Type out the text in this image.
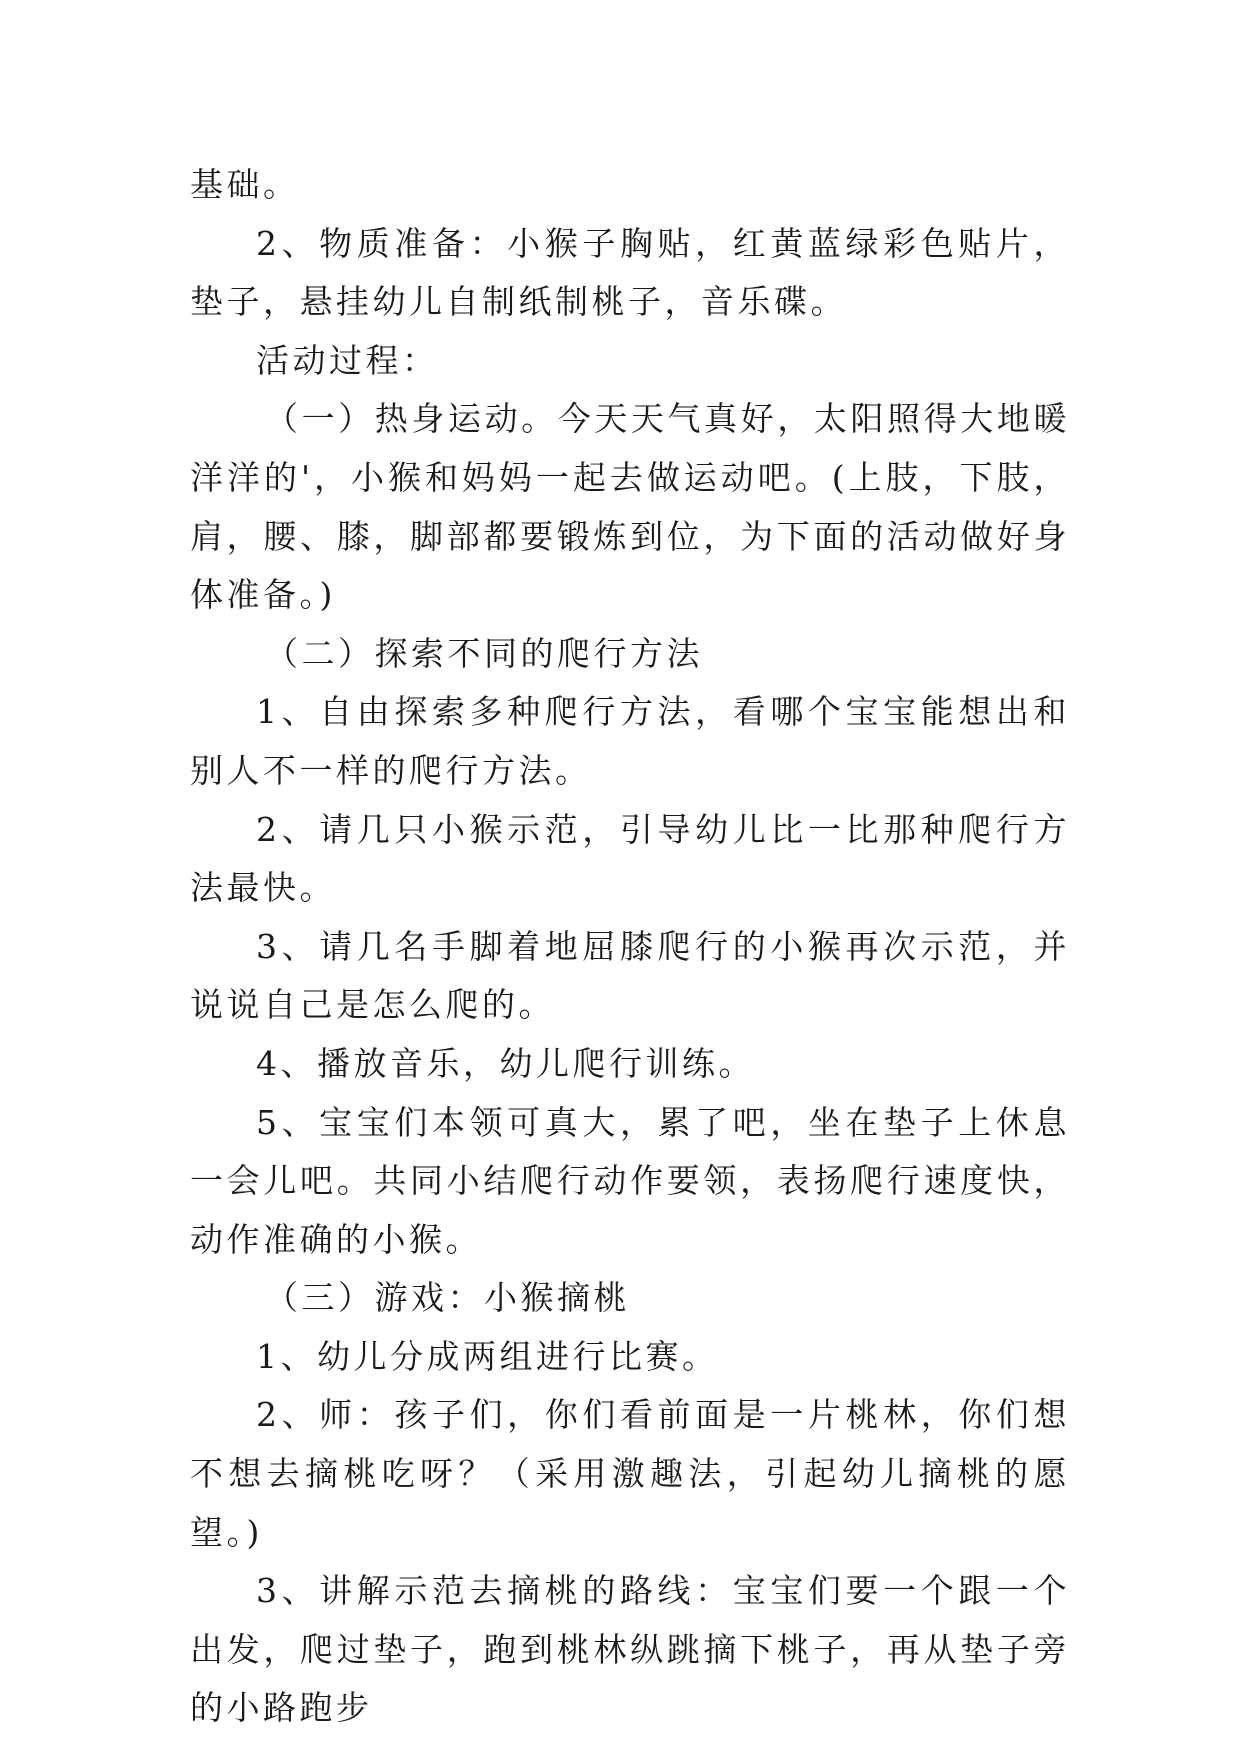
基础。

2、物质准备：小猴子胸贴，红黄蓝绿彩色贴片，垫子，悬挂幼儿自制纸制桃子，音乐碟。

活动过程：

（一）热身运动。今天天气真好，太阳照得大地暖洋洋的'，小猴和妈妈一起去做运动吧。(上肢，下肢，肩，腰、膝，脚部都要锻炼到位，为下面的活动做好身体准备。)

（二）探索不同的爬行方法

1、自由探索多种爬行方法，看哪个宝宝能想出和别人不一样的爬行方法。

2、请几只小猴示范，引导幼儿比一比那种爬行方法最快。

3、请几名手脚着地屈膝爬行的小猴再次示范，并说说自己是怎么爬的。

4、播放音乐，幼儿爬行训练。

5、宝宝们本领可真大，累了吧，坐在垫子上休息一会儿吧。共同小结爬行动作要领，表扬爬行速度快，动作准确的小猴。

（三）游戏：小猴摘桃

1、幼儿分成两组进行比赛。

2、师：孩子们，你们看前面是一片桃林，你们想不想去摘桃吃呀？（采用激趣法，引起幼儿摘桃的愿望。)

3、讲解示范去摘桃的路线：宝宝们要一个跟一个出发，爬过垫子，跑到桃林纵跳摘下桃子，再从垫子旁的小路跑步
